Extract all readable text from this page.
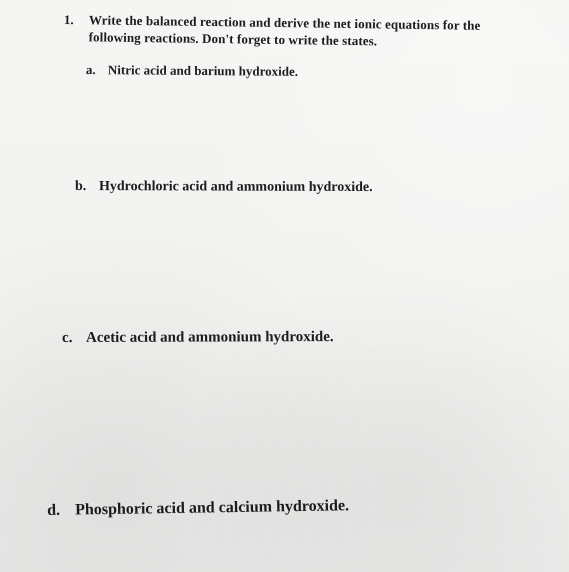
1. Write the balanced reaction and derive the net ionic equations for the following reactions. Don't forget to write the states.
a. Nitric acid and barium hydroxide.
b. Hydrochloric acid and ammonium hydroxide.
c. Acetic acid and ammonium hydroxide.
d. Phosphoric acid and calcium hydroxide.
